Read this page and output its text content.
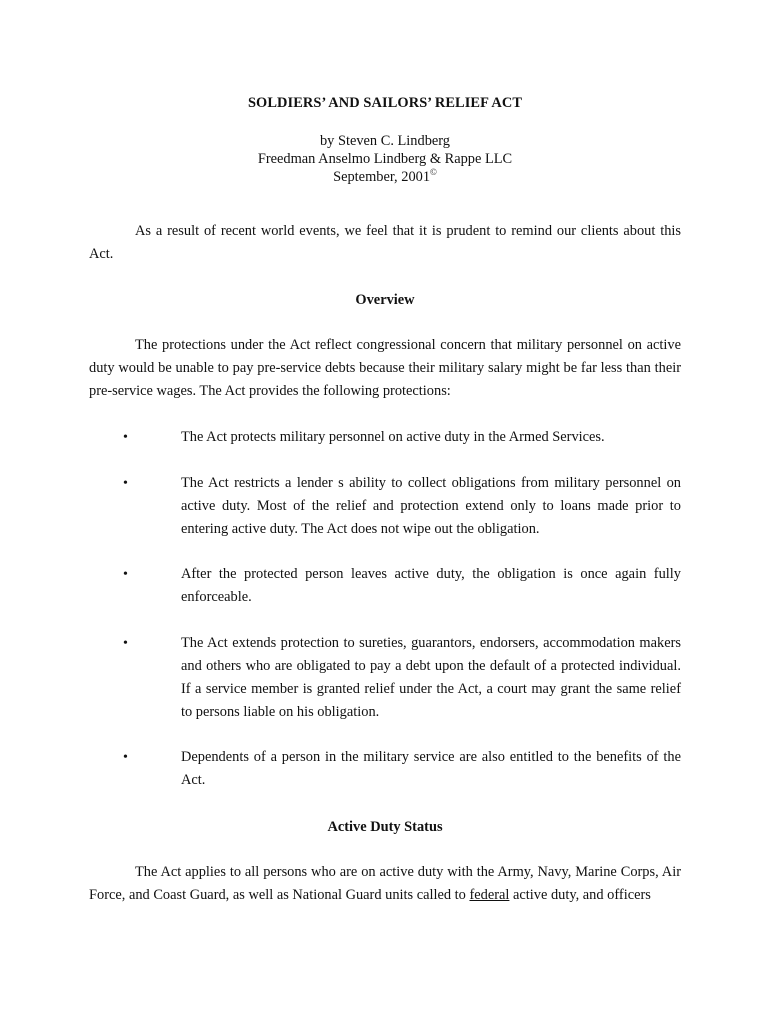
SOLDIERS’ AND SAILORS’ RELIEF ACT
by Steven C. Lindberg
Freedman Anselmo Lindberg & Rappe LLC
September, 2001©
As a result of recent world events, we feel that it is prudent to remind our clients about this Act.
Overview
The protections under the Act reflect congressional concern that military personnel on active duty would be unable to pay pre-service debts because their military salary might be far less than their pre-service wages. The Act provides the following protections:
•	The Act protects military personnel on active duty in the Armed Services.
•	The Act restricts a lender s ability to collect obligations from military personnel on active duty. Most of the relief and protection extend only to loans made prior to entering active duty. The Act does not wipe out the obligation.
•	After the protected person leaves active duty, the obligation is once again fully enforceable.
•	The Act extends protection to sureties, guarantors, endorsers, accommodation makers and others who are obligated to pay a debt upon the default of a protected individual. If a service member is granted relief under the Act, a court may grant the same relief to persons liable on his obligation.
•	Dependents of a person in the military service are also entitled to the benefits of the Act.
Active Duty Status
The Act applies to all persons who are on active duty with the Army, Navy, Marine Corps, Air Force, and Coast Guard, as well as National Guard units called to federal active duty, and officers
